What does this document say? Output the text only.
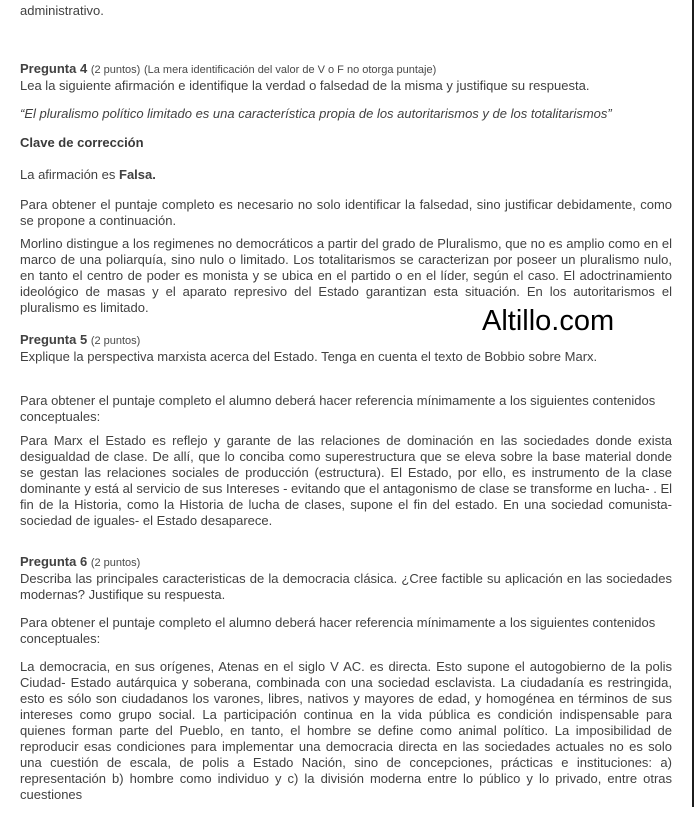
administrativo.

Pregunta 4 (2 puntos) (La mera identificación del valor de V o F no otorga puntaje)

Lea la siguiente afirmación e identifique la verdad o falsedad de la misma y justifique su respuesta.

“El pluralismo político limitado es una característica propia de los autoritarismos y de los totalitarismos”

Clave de corrección

La afirmación es Falsa.

Para obtener el puntaje completo es necesario no solo identificar la falsedad, sino justificar debidamente, como se propone a continuación.

Morlino distingue a los regimenes no democráticos a partir del grado de Pluralismo, que no es amplio como en el marco de una poliarquía, sino nulo o limitado. Los totalitarismos se caracterizan por poseer un pluralismo nulo, en tanto el centro de poder es monista y se ubica en el partido o en el líder, según el caso. El adoctrinamiento ideológico de masas y el aparato represivo del Estado garantizan esta situación. En los autoritarismos el pluralismo es limitado.

Pregunta 5 (2 puntos)

Explique la perspectiva marxista acerca del Estado. Tenga en cuenta el texto de Bobbio sobre Marx.

Para obtener el puntaje completo el alumno deberá hacer referencia mínimamente a los siguientes contenidos conceptuales:

Para Marx el Estado es reflejo y garante de las relaciones de dominación en las sociedades donde exista desigualdad de clase. De allí, que lo conciba como superestructura que se eleva sobre la base material donde se gestan las relaciones sociales de producción (estructura). El Estado, por ello, es instrumento de la clase dominante y está al servicio de sus Intereses - evitando que el antagonismo de clase se transforme en lucha- . El fin de la Historia, como la Historia de lucha de clases, supone el fin del estado. En una sociedad comunista- sociedad de iguales- el Estado desaparece.

Pregunta 6 (2 puntos)

Describa las principales caracteristicas de la democracia clásica. ¿Cree factible su aplicación en las sociedades modernas? Justifique su respuesta.

Para obtener el puntaje completo el alumno deberá hacer referencia mínimamente a los siguientes contenidos conceptuales:

La democracia, en sus orígenes, Atenas en el siglo V AC. es directa. Esto supone el autogobierno de la polis Ciudad- Estado autárquica y soberana, combinada con una sociedad esclavista. La ciudadanía es restringida, esto es sólo son ciudadanos los varones, libres, nativos y mayores de edad, y homogénea en términos de sus intereses como grupo social. La participación continua en la vida pública es condición indispensable para quienes forman parte del Pueblo, en tanto, el hombre se define como animal político. La imposibilidad de reproducir esas condiciones para implementar una democracia directa en las sociedades actuales no es solo una cuestión de escala, de polis a Estado Nación, sino de concepciones, prácticas e instituciones: a) representación b) hombre como individuo y c) la división moderna entre lo público y lo privado, entre otras cuestiones

Altillo.com
